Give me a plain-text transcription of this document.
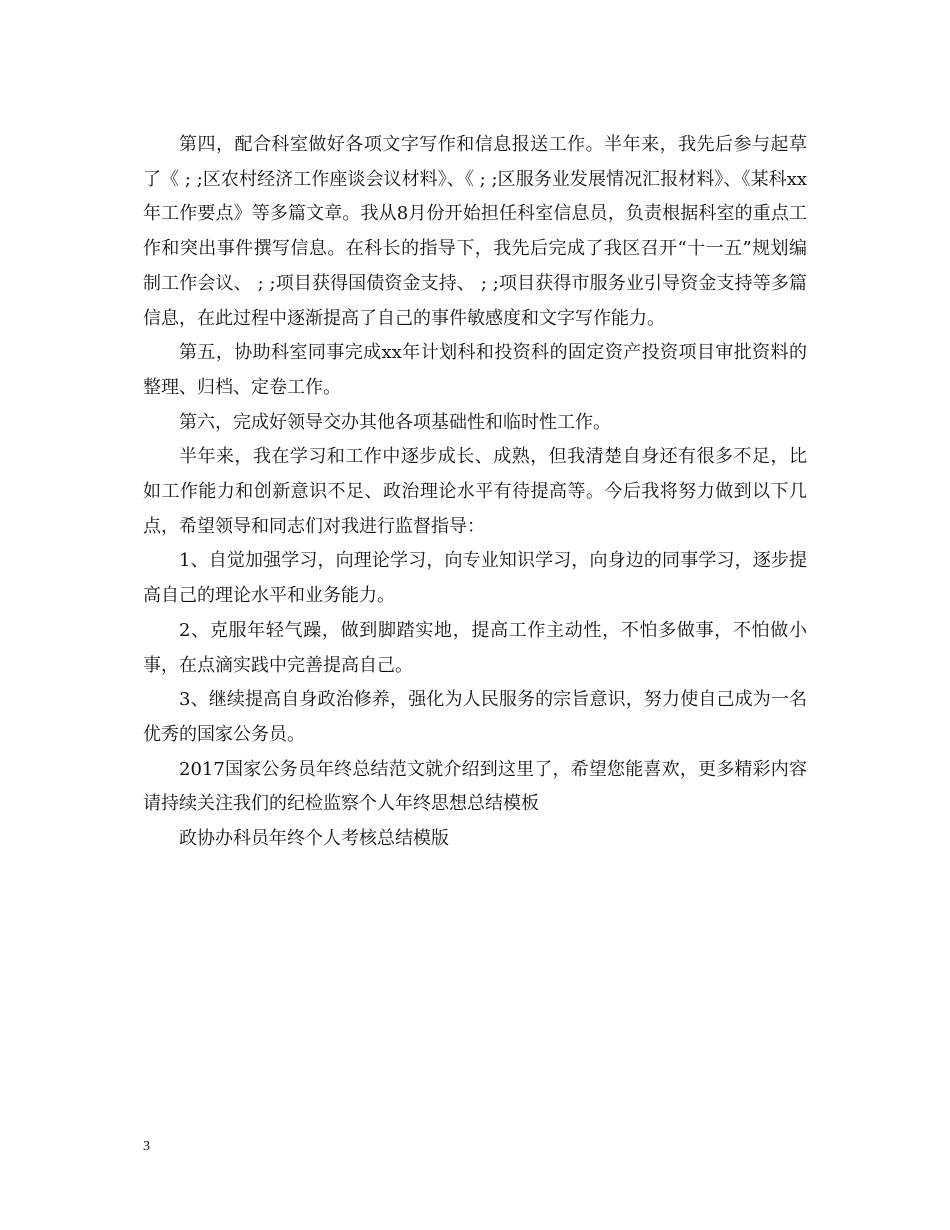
第四，配合科室做好各项文字写作和信息报送工作。半年来，我先后参与起草了《 ; ;区农村经济工作座谈会议材料》、《 ; ;区服务业发展情况汇报材料》、《某科xx年工作要点》等多篇文章。我从8月份开始担任科室信息员，负责根据科室的重点工作和突出事件撰写信息。在科长的指导下，我先后完成了我区召开“十一五”规划编制工作会议、 ; ;项目获得国债资金支持、 ; ;项目获得市服务业引导资金支持等多篇信息，在此过程中逐渐提高了自己的事件敏感度和文字写作能力。

第五，协助科室同事完成xx年计划科和投资科的固定资产投资项目审批资料的整理、归档、定卷工作。

第六，完成好领导交办其他各项基础性和临时性工作。

半年来，我在学习和工作中逐步成长、成熟，但我清楚自身还有很多不足，比如工作能力和创新意识不足、政治理论水平有待提高等。今后我将努力做到以下几点，希望领导和同志们对我进行监督指导：

1、自觉加强学习，向理论学习，向专业知识学习，向身边的同事学习，逐步提高自己的理论水平和业务能力。

2、克服年轻气躁，做到脚踏实地，提高工作主动性，不怕多做事，不怕做小事，在点滴实践中完善提高自己。

3、继续提高自身政治修养，强化为人民服务的宗旨意识，努力使自己成为一名优秀的国家公务员。

2017国家公务员年终总结范文就介绍到这里了，希望您能喜欢，更多精彩内容请持续关注我们的纪检监察个人年终思想总结模板

政协办科员年终个人考核总结模版

3
